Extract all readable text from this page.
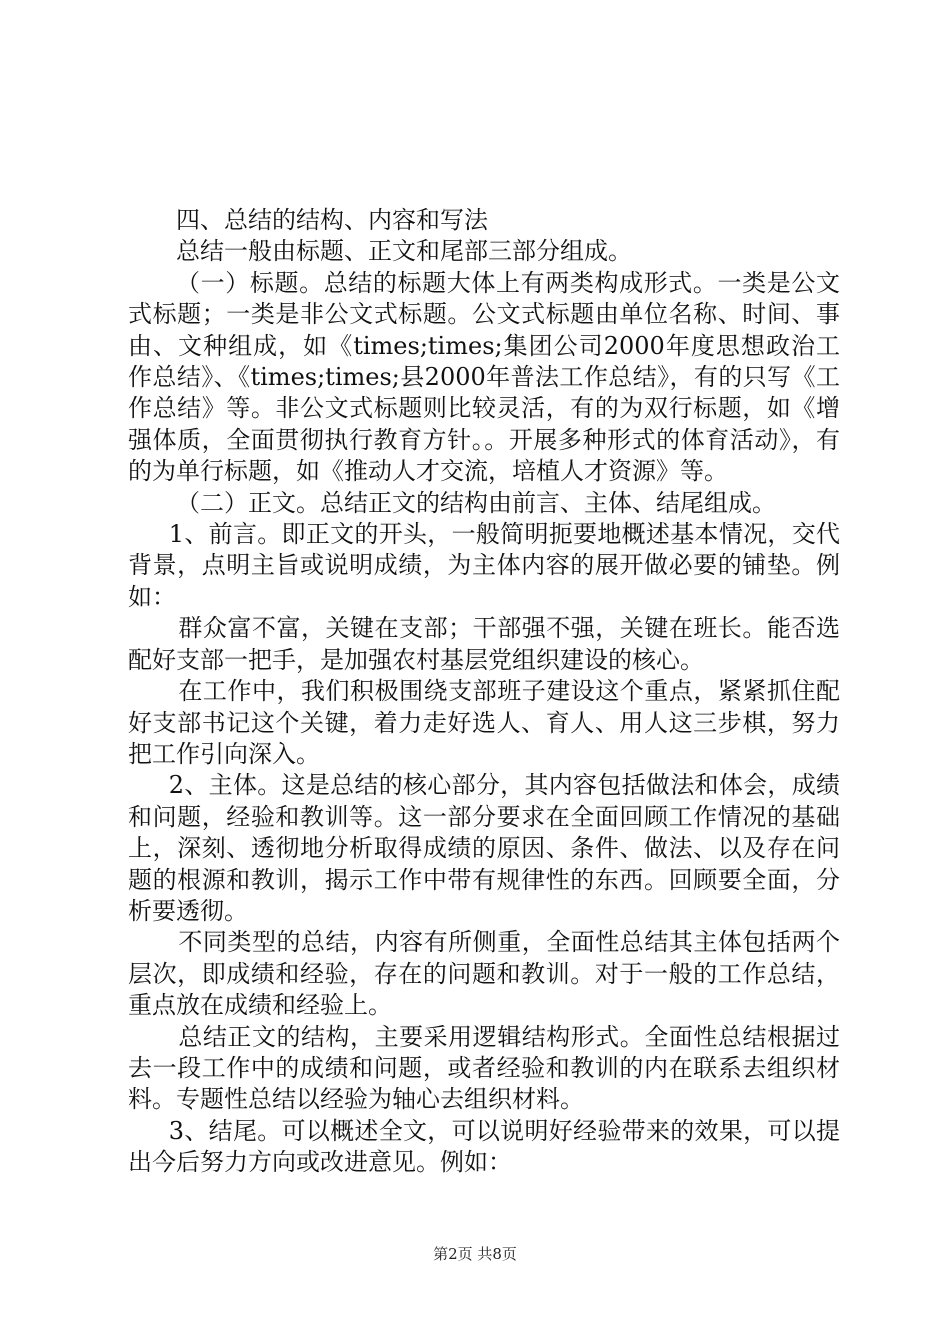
四、总结的结构、内容和写法

总结一般由标题、正文和尾部三部分组成。

（一）标题。总结的标题大体上有两类构成形式。一类是公文式标题；一类是非公文式标题。公文式标题由单位名称、时间、事由、文种组成，如《times;times;集团公司2000年度思想政治工作总结》、《times;times;县2000年普法工作总结》，有的只写《工作总结》等。非公文式标题则比较灵活，有的为双行标题，如《增强体质，全面贯彻执行教育方针。。开展多种形式的体育活动》，有的为单行标题，如《推动人才交流，培植人才资源》等。

（二）正文。总结正文的结构由前言、主体、结尾组成。

1、前言。即正文的开头，一般简明扼要地概述基本情况，交代背景，点明主旨或说明成绩，为主体内容的展开做必要的铺垫。例如：

群众富不富，关键在支部；干部强不强，关键在班长。能否选配好支部一把手，是加强农村基层党组织建设的核心。

在工作中，我们积极围绕支部班子建设这个重点，紧紧抓住配好支部书记这个关键，着力走好选人、育人、用人这三步棋，努力把工作引向深入。

2、主体。这是总结的核心部分，其内容包括做法和体会，成绩和问题，经验和教训等。这一部分要求在全面回顾工作情况的基础上，深刻、透彻地分析取得成绩的原因、条件、做法、以及存在问题的根源和教训，揭示工作中带有规律性的东西。回顾要全面，分析要透彻。

不同类型的总结，内容有所侧重，全面性总结其主体包括两个层次，即成绩和经验，存在的问题和教训。对于一般的工作总结，重点放在成绩和经验上。

总结正文的结构，主要采用逻辑结构形式。全面性总结根据过去一段工作中的成绩和问题，或者经验和教训的内在联系去组织材料。专题性总结以经验为轴心去组织材料。

3、结尾。可以概述全文，可以说明好经验带来的效果，可以提出今后努力方向或改进意见。例如：

第2页 共8页
